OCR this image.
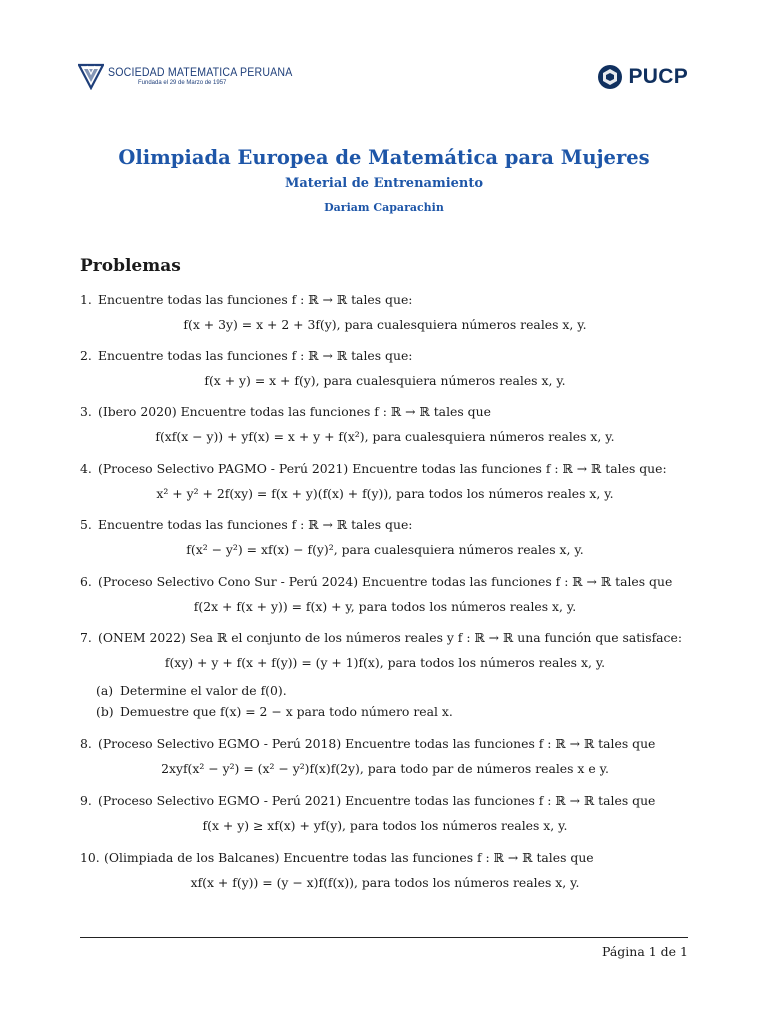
SOCIEDAD MATEMATICA PERUANA
Fundada el 29 de Marzo de 1957	PUCP
Olimpiada Europea de Matemática para Mujeres
Material de Entrenamiento
Dariam Caparachin
Problemas
1. Encuentre todas las funciones f : ℝ → ℝ tales que:
f(x + 3y) = x + 2 + 3f(y), para cualesquiera números reales x, y.
2. Encuentre todas las funciones f : ℝ → ℝ tales que:
f(x + y) = x + f(y), para cualesquiera números reales x, y.
3. (Ibero 2020) Encuentre todas las funciones f : ℝ → ℝ tales que
f(xf(x − y)) + yf(x) = x + y + f(x²), para cualesquiera números reales x, y.
4. (Proceso Selectivo PAGMO - Perú 2021) Encuentre todas las funciones f : ℝ → ℝ tales que:
x² + y² + 2f(xy) = f(x + y)(f(x) + f(y)), para todos los números reales x, y.
5. Encuentre todas las funciones f : ℝ → ℝ tales que:
f(x² − y²) = xf(x) − f(y)², para cualesquiera números reales x, y.
6. (Proceso Selectivo Cono Sur - Perú 2024) Encuentre todas las funciones f : ℝ → ℝ tales que
f(2x + f(x + y)) = f(x) + y, para todos los números reales x, y.
7. (ONEM 2022) Sea ℝ el conjunto de los números reales y f : ℝ → ℝ una función que satisface:
f(xy) + y + f(x + f(y)) = (y + 1)f(x), para todos los números reales x, y.
(a) Determine el valor de f(0).
(b) Demuestre que f(x) = 2 − x para todo número real x.
8. (Proceso Selectivo EGMO - Perú 2018) Encuentre todas las funciones f : ℝ → ℝ tales que
2xyf(x² − y²) = (x² − y²)f(x)f(2y), para todo par de números reales x e y.
9. (Proceso Selectivo EGMO - Perú 2021) Encuentre todas las funciones f : ℝ → ℝ tales que
f(x + y) ≥ xf(x) + yf(y), para todos los números reales x, y.
10. (Olimpiada de los Balcanes) Encuentre todas las funciones f : ℝ → ℝ tales que
xf(x + f(y)) = (y − x)f(f(x)), para todos los números reales x, y.
Página 1 de 1
